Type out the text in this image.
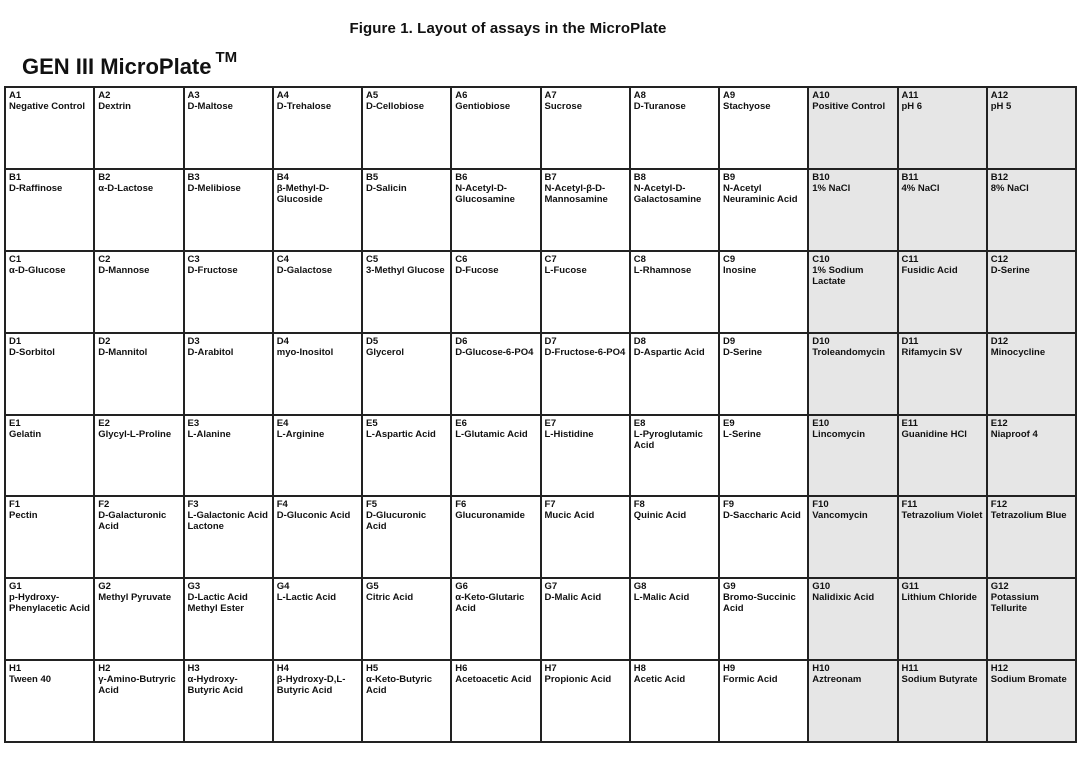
Figure 1. Layout of assays in the MicroPlate
GEN III MicroPlate ™
A1
Negative Control
A2
Dextrin
A3
D-Maltose
A4
D-Trehalose
A5
D-Cellobiose
A6
Gentiobiose
A7
Sucrose
A8
D-Turanose
A9
Stachyose
A10
Positive Control
A11
pH 6
A12
pH 5
B1
D-Raffinose
B2
α-D-Lactose
B3
D-Melibiose
B4
β-Methyl-D-Glucoside
B5
D-Salicin
B6
N-Acetyl-D-Glucosamine
B7
N-Acetyl-β-D-Mannosamine
B8
N-Acetyl-D-Galactosamine
B9
N-Acetyl Neuraminic Acid
B10
1% NaCl
B11
4% NaCl
B12
8% NaCl
C1
α-D-Glucose
C2
D-Mannose
C3
D-Fructose
C4
D-Galactose
C5
3-Methyl Glucose
C6
D-Fucose
C7
L-Fucose
C8
L-Rhamnose
C9
Inosine
C10
1% Sodium Lactate
C11
Fusidic Acid
C12
D-Serine
D1
D-Sorbitol
D2
D-Mannitol
D3
D-Arabitol
D4
myo-Inositol
D5
Glycerol
D6
D-Glucose-6-PO4
D7
D-Fructose-6-PO4
D8
D-Aspartic Acid
D9
D-Serine
D10
Troleandomycin
D11
Rifamycin SV
D12
Minocycline
E1
Gelatin
E2
Glycyl-L-Proline
E3
L-Alanine
E4
L-Arginine
E5
L-Aspartic Acid
E6
L-Glutamic Acid
E7
L-Histidine
E8
L-Pyroglutamic Acid
E9
L-Serine
E10
Lincomycin
E11
Guanidine HCl
E12
Niaproof 4
F1
Pectin
F2
D-Galacturonic Acid
F3
L-Galactonic Acid Lactone
F4
D-Gluconic Acid
F5
D-Glucuronic Acid
F6
Glucuronamide
F7
Mucic Acid
F8
Quinic Acid
F9
D-Saccharic Acid
F10
Vancomycin
F11
Tetrazolium Violet
F12
Tetrazolium Blue
G1
p-Hydroxy-Phenylacetic Acid
G2
Methyl Pyruvate
G3
D-Lactic Acid Methyl Ester
G4
L-Lactic Acid
G5
Citric Acid
G6
α-Keto-Glutaric Acid
G7
D-Malic Acid
G8
L-Malic Acid
G9
Bromo-Succinic Acid
G10
Nalidixic Acid
G11
Lithium Chloride
G12
Potassium Tellurite
H1
Tween 40
H2
γ-Amino-Butryric Acid
H3
α-Hydroxy-Butyric Acid
H4
β-Hydroxy-D,L-Butyric Acid
H5
α-Keto-Butyric Acid
H6
Acetoacetic Acid
H7
Propionic Acid
H8
Acetic Acid
H9
Formic Acid
H10
Aztreonam
H11
Sodium Butyrate
H12
Sodium Bromate
